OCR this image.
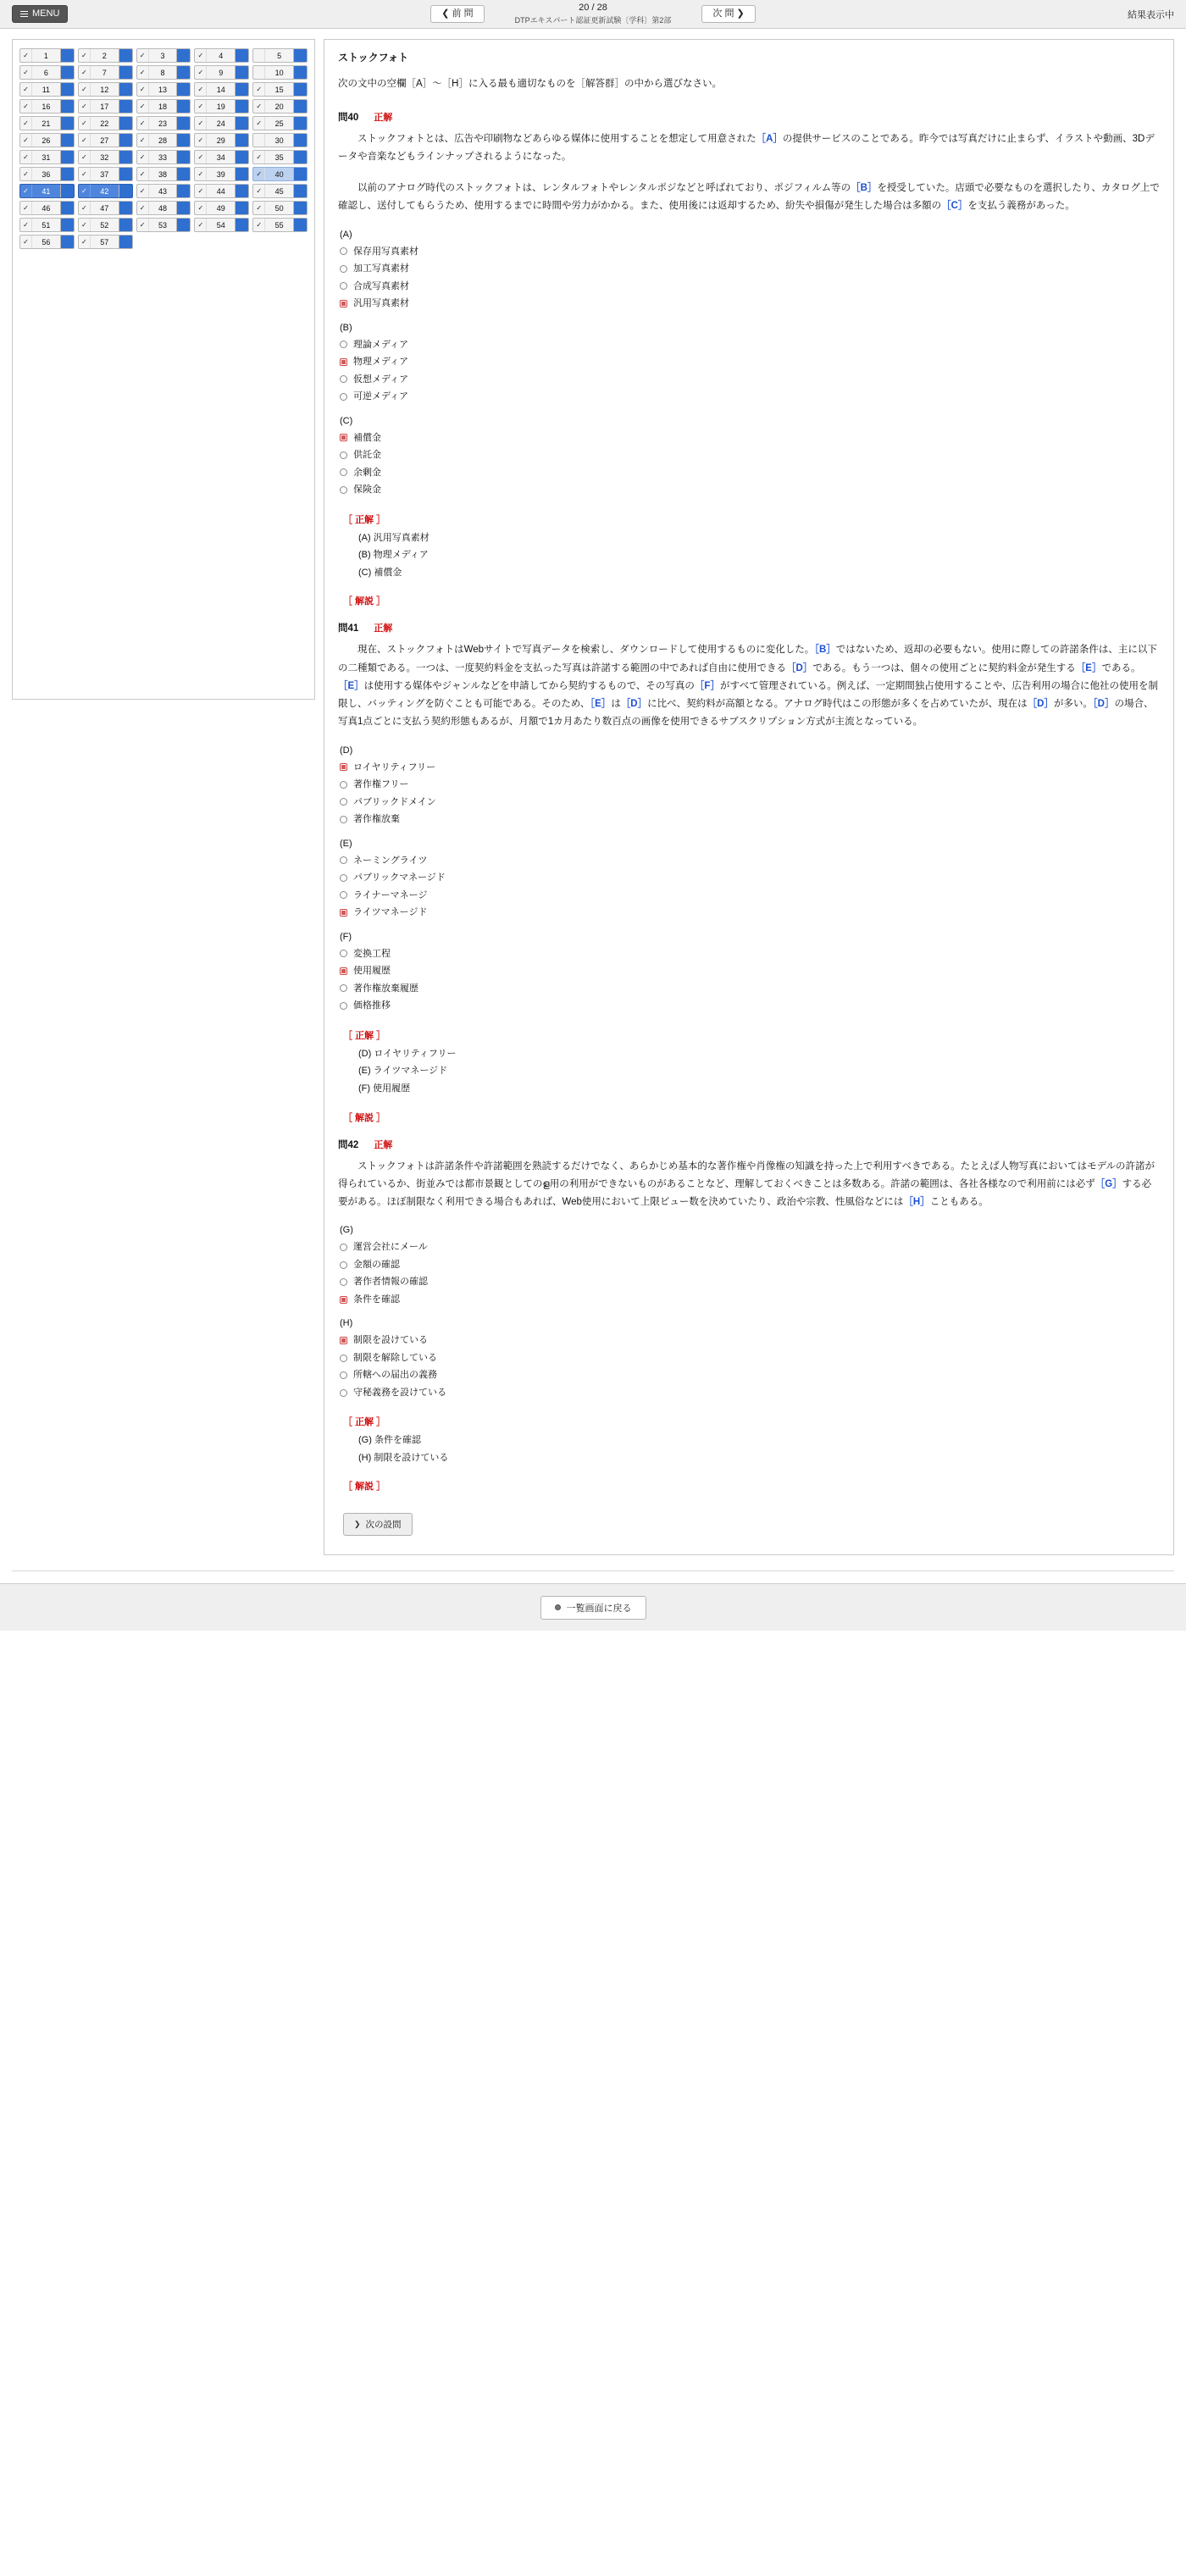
MENU	❮ 前 問
20 / 28
DTPエキスパート認証更新試験〔学科〕第2部
次 問 ❯	結果表示中
✓	1	✓	2	✓	3	✓	4	5
✓	6	✓	7	✓	8	✓	9	10
✓	11	✓	12	✓	13	✓	14	✓	15
✓	16	✓	17	✓	18	✓	19	✓	20
✓	21	✓	22	✓	23	✓	24	✓	25
✓	26	✓	27	✓	28	✓	29	30
✓	31	✓	32	✓	33	✓	34	✓	35
✓	36	✓	37	✓	38	✓	39	✓	40
✓	41	✓	42	✓	43	✓	44	✓	45
✓	46	✓	47	✓	48	✓	49	✓	50
✓	51	✓	52	✓	53	✓	54	✓	55
✓	56	✓	57
ストックフォト
次の文中の空欄［A］～［H］に入る最も適切なものを［解答群］の中から選びなさい。
問40 正解
　ストックフォトとは、広告や印刷物などあらゆる媒体に使用することを想定して用意された［A］の提供サービスのことである。昨今では写真だけに止まらず、イラストや動画、3Dデータや音楽などもラインナップされるようになった。
　以前のアナログ時代のストックフォトは、レンタルフォトやレンタルポジなどと呼ばれており、ポジフィルム等の［B］を授受していた。店頭で必要なものを選択したり、カタログ上で確認し、送付してもらうため、使用するまでに時間や労力がかかる。また、使用後には返却するため、紛失や損傷が発生した場合は多額の［C］を支払う義務があった。
(A)
保存用写真素材
加工写真素材
合成写真素材
汎用写真素材
(B)
理論メディア
物理メディア
仮想メディア
可逆メディア
(C)
補償金
供託金
余剰金
保険金
［ 正解 ］
(A) 汎用写真素材
(B) 物理メディア
(C) 補償金
［ 解説 ］
問41 正解
　現在、ストックフォトはWebサイトで写真データを検索し、ダウンロードして使用するものに変化した。［B］ではないため、返却の必要もない。使用に際しての許諾条件は、主に以下の二種類である。一つは、一度契約料金を支払った写真は許諾する範囲の中であれば自由に使用できる［D］である。もう一つは、個々の使用ごとに契約料金が発生する［E］である。［E］は使用する媒体やジャンルなどを申請してから契約するもので、その写真の［F］がすべて管理されている。例えば、一定期間独占使用することや、広告利用の場合に他社の使用を制限し、バッティングを防ぐことも可能である。そのため、［E］は［D］に比べ、契約料が高額となる。アナログ時代はこの形態が多くを占めていたが、現在は［D］が多い。［D］の場合、写真1点ごとに支払う契約形態もあるが、月額で1カ月あたり数百点の画像を使用できるサブスクリプション方式が主流となっている。
(D)
ロイヤリティフリー
著作権フリー
パブリックドメイン
著作権放棄
(E)
ネーミングライツ
パブリックマネージド
ライナーマネージ
ライツマネージド
(F)
変換工程
使用履歴
著作権放棄履歴
価格推移
［ 正解 ］
(D) ロイヤリティフリー
(E) ライツマネージド
(F) 使用履歴
［ 解説 ］
問42 正解
　ストックフォトは許諾条件や許諾範囲を熟読するだけでなく、あらかじめ基本的な著作権や肖像権の知識を持った上で利用すべきである。たとえば人物写真においてはモデルの許諾が得られているか、街並みでは都市景観としてのള用の利用ができないものがあることなど、理解しておくべきことは多数ある。許諾の範囲は、各社各様なので利用前には必ず［G］する必要がある。ほぼ制限なく利用できる場合もあれば、Web使用において上限ビュー数を決めていたり、政治や宗教、性風俗などには［H］こともある。
(G)
運営会社にメール
金額の確認
著作者情報の確認
条件を確認
(H)
制限を設けている
制限を解除している
所轄への届出の義務
守秘義務を設けている
［ 正解 ］
(G) 条件を確認
(H) 制限を設けている
［ 解説 ］
❯ 次の設問
一覧画面に戻る
